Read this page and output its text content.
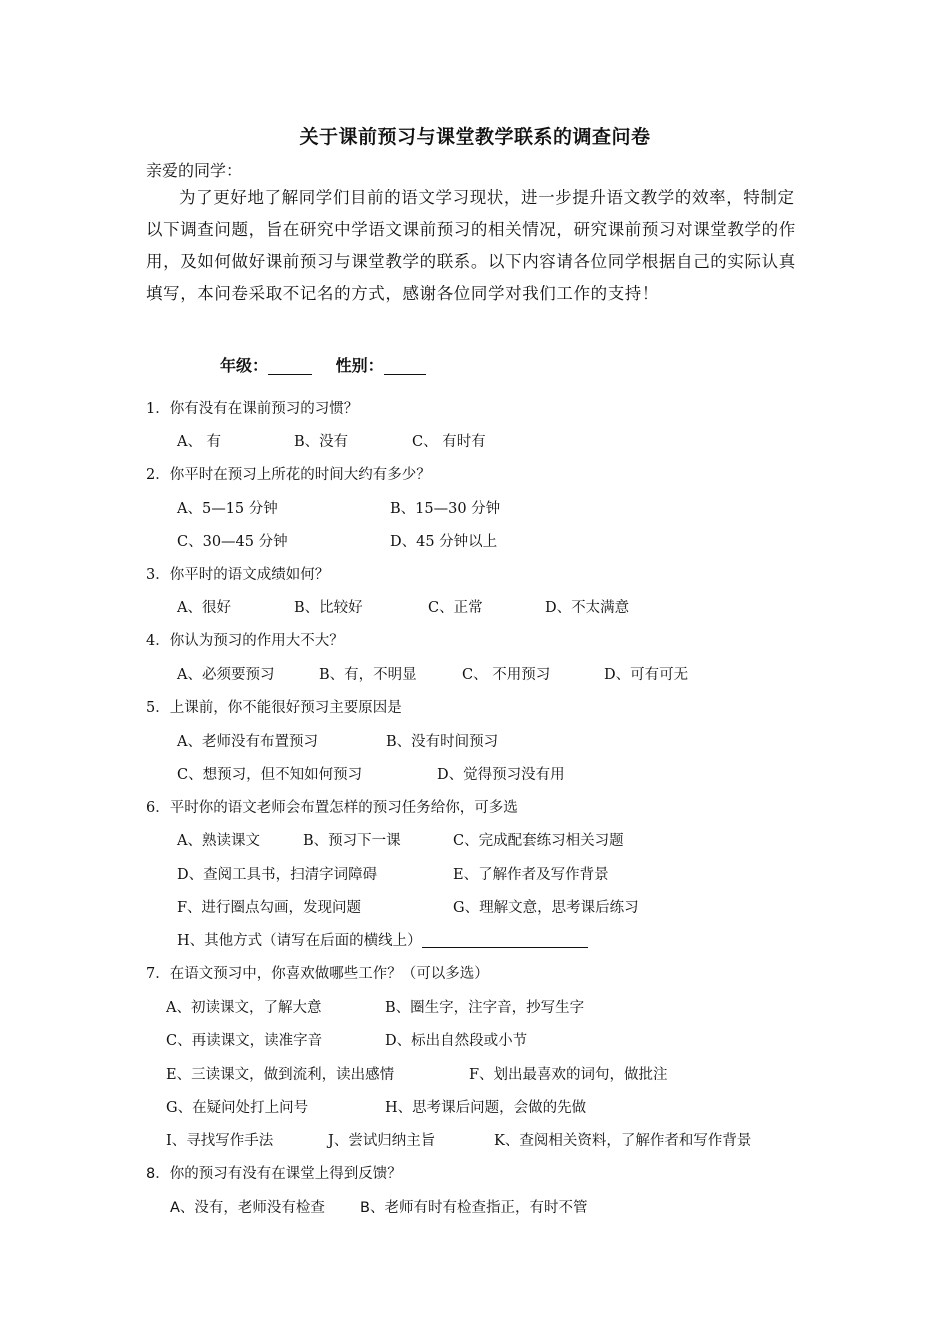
关于课前预习与课堂教学联系的调查问卷
亲爱的同学：

为了更好地了解同学们目前的语文学习现状，进一步提升语文教学的效率，特制定以下调查问题，旨在研究中学语文课前预习的相关情况，研究课前预习对课堂教学的作用，及如何做好课前预习与课堂教学的联系。以下内容请各位同学根据自己的实际认真填写，本问卷采取不记名的方式，感谢各位同学对我们工作的支持！

年级：	性别：
1．你有没有在课前预习的习惯？
A、 有	B、没有	C、 有时有
2．你平时在预习上所花的时间大约有多少？
A、5—15 分钟	B、15—30 分钟
C、30—45 分钟	D、45 分钟以上
3．你平时的语文成绩如何？
A、很好	B、比较好	C、正常	D、不太满意
4．你认为预习的作用大不大？
A、必须要预习	B、有，不明显	C、 不用预习	D、可有可无
5．上课前，你不能很好预习主要原因是
A、老师没有布置预习	B、没有时间预习
C、想预习，但不知如何预习	D、觉得预习没有用
6．平时你的语文老师会布置怎样的预习任务给你，可多选
A、熟读课文	B、预习下一课	C、完成配套练习相关习题
D、查阅工具书，扫清字词障碍	E、了解作者及写作背景
F、进行圈点勾画，发现问题	G、理解文意，思考课后练习
H、其他方式（请写在后面的横线上）
7．在语文预习中，你喜欢做哪些工作？（可以多选）
A、初读课文，了解大意	B、圈生字，注字音，抄写生字
C、再读课文，读准字音	D、标出自然段或小节
E、三读课文，做到流利，读出感情	F、划出最喜欢的词句，做批注
G、在疑问处打上问号	H、思考课后问题，会做的先做
I、寻找写作手法	J、尝试归纳主旨	K、查阅相关资料，了解作者和写作背景
8．你的预习有没有在课堂上得到反馈？
A、没有，老师没有检查 B、老师有时有检查指正，有时不管
